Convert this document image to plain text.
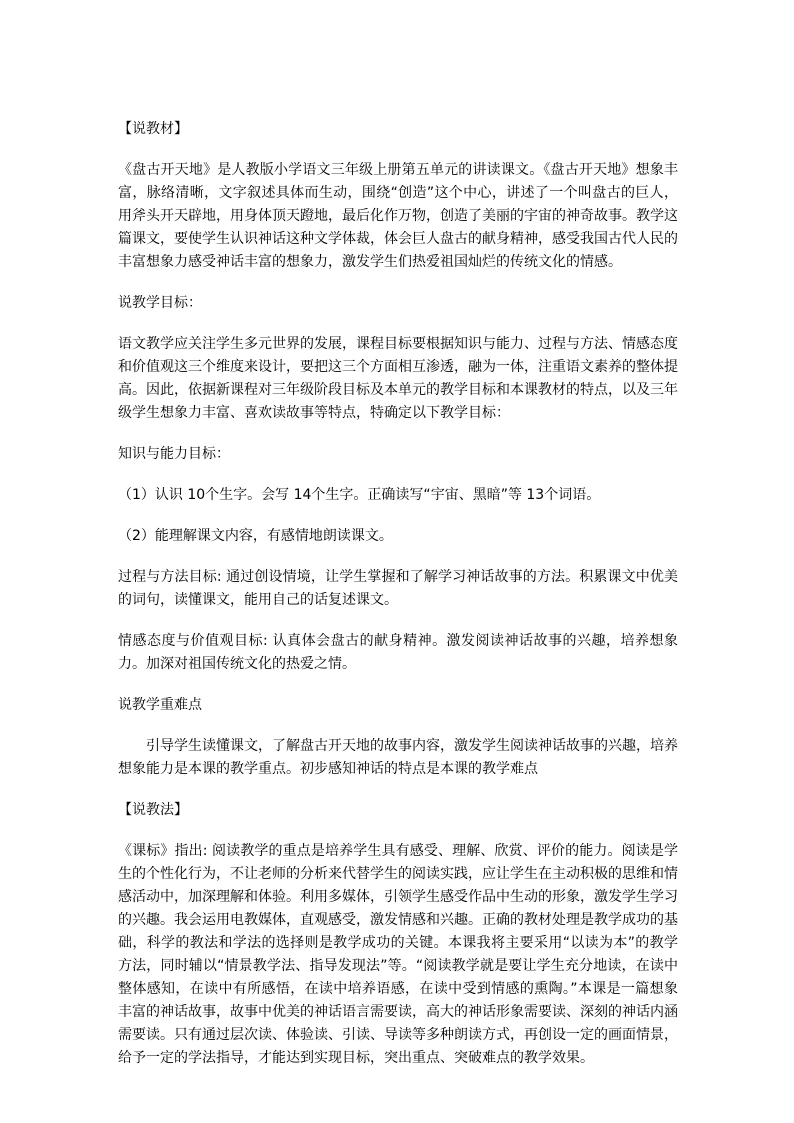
【说教材】

《盘古开天地》是人教版小学语文三年级上册第五单元的讲读课文。《盘古开天地》想象丰富，脉络清晰，文字叙述具体而生动，围绕“创造”这个中心，讲述了一个叫盘古的巨人，用斧头开天辟地，用身体顶天蹬地，最后化作万物，创造了美丽的宇宙的神奇故事。教学这篇课文，要使学生认识神话这种文学体裁，体会巨人盘古的献身精神，感受我国古代人民的丰富想象力感受神话丰富的想象力，激发学生们热爱祖国灿烂的传统文化的情感。

说教学目标：

语文教学应关注学生多元世界的发展，课程目标要根据知识与能力、过程与方法、情感态度和价值观这三个维度来设计，要把这三个方面相互渗透，融为一体，注重语文素养的整体提高。因此，依据新课程对三年级阶段目标及本单元的教学目标和本课教材的特点，以及三年级学生想象力丰富、喜欢读故事等特点，特确定以下教学目标：

知识与能力目标：

（1）认识 10个生字。会写 14个生字。正确读写“宇宙、黑暗”等 13个词语。

（2）能理解课文内容，有感情地朗读课文。

过程与方法目标: 通过创设情境，让学生掌握和了解学习神话故事的方法。积累课文中优美的词句，读懂课文，能用自己的话复述课文。

情感态度与价值观目标: 认真体会盘古的献身精神。激发阅读神话故事的兴趣，培养想象力。加深对祖国传统文化的热爱之情。

说教学重难点

引导学生读懂课文，了解盘古开天地的故事内容，激发学生阅读神话故事的兴趣，培养想象能力是本课的教学重点。初步感知神话的特点是本课的教学难点

【说教法】

《课标》指出: 阅读教学的重点是培养学生具有感受、理解、欣赏、评价的能力。阅读是学生的个性化行为，不让老师的分析来代替学生的阅读实践，应让学生在主动积极的思维和情感活动中，加深理解和体验。利用多媒体，引领学生感受作品中生动的形象，激发学生学习的兴趣。我会运用电教媒体，直观感受，激发情感和兴趣。正确的教材处理是教学成功的基础，科学的教法和学法的选择则是教学成功的关键。本课我将主要采用“以读为本”的教学方法，同时辅以“情景教学法、指导发现法”等。“阅读教学就是要让学生充分地读，在读中整体感知，在读中有所感悟，在读中培养语感，在读中受到情感的熏陶。”本课是一篇想象丰富的神话故事，故事中优美的神话语言需要读，高大的神话形象需要读、深刻的神话内涵需要读。只有通过层次读、体验读、引读、导读等多种朗读方式，再创设一定的画面情景，给予一定的学法指导，才能达到实现目标，突出重点、突破难点的教学效果。
